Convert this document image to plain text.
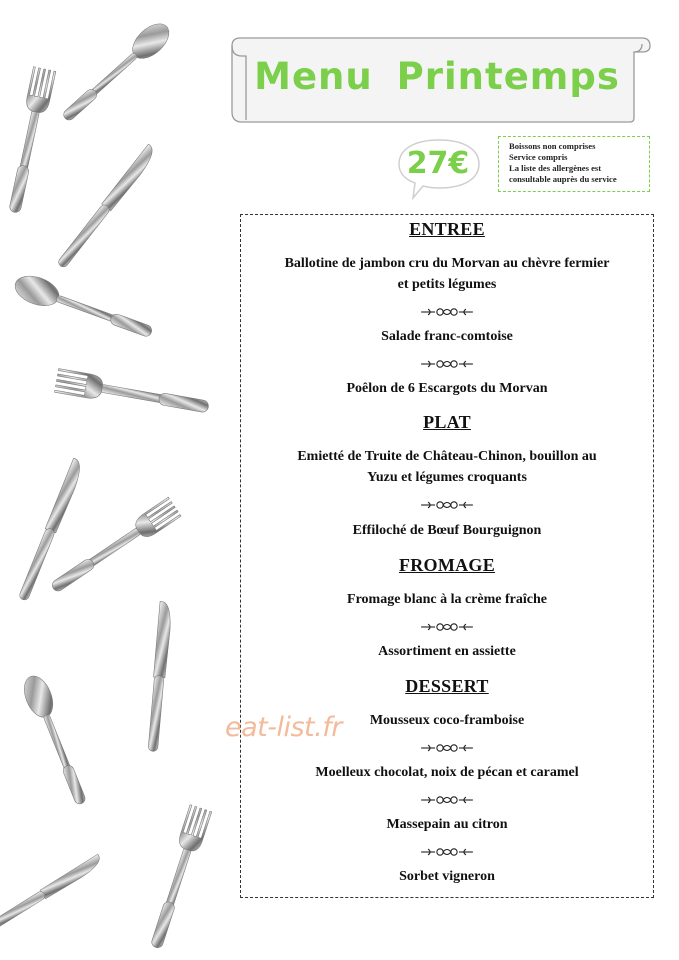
Menu Printemps
27€	Boissons non comprises
Service compris
La liste des allergènes est
consultable auprès du service
ENTREE
Ballotine de jambon cru du Morvan au chèvre fermier
et petits légumes
Salade franc-comtoise
Poêlon de 6 Escargots du Morvan
PLAT
Emietté de Truite de Château-Chinon, bouillon au
Yuzu et légumes croquants
Effiloché de Bœuf Bourguignon
FROMAGE
Fromage blanc à la crème fraîche
Assortiment en assiette
DESSERT
Mousseux coco-framboise
Moelleux chocolat, noix de pécan et caramel
Massepain au citron
Sorbet vigneron
eat-list.fr
